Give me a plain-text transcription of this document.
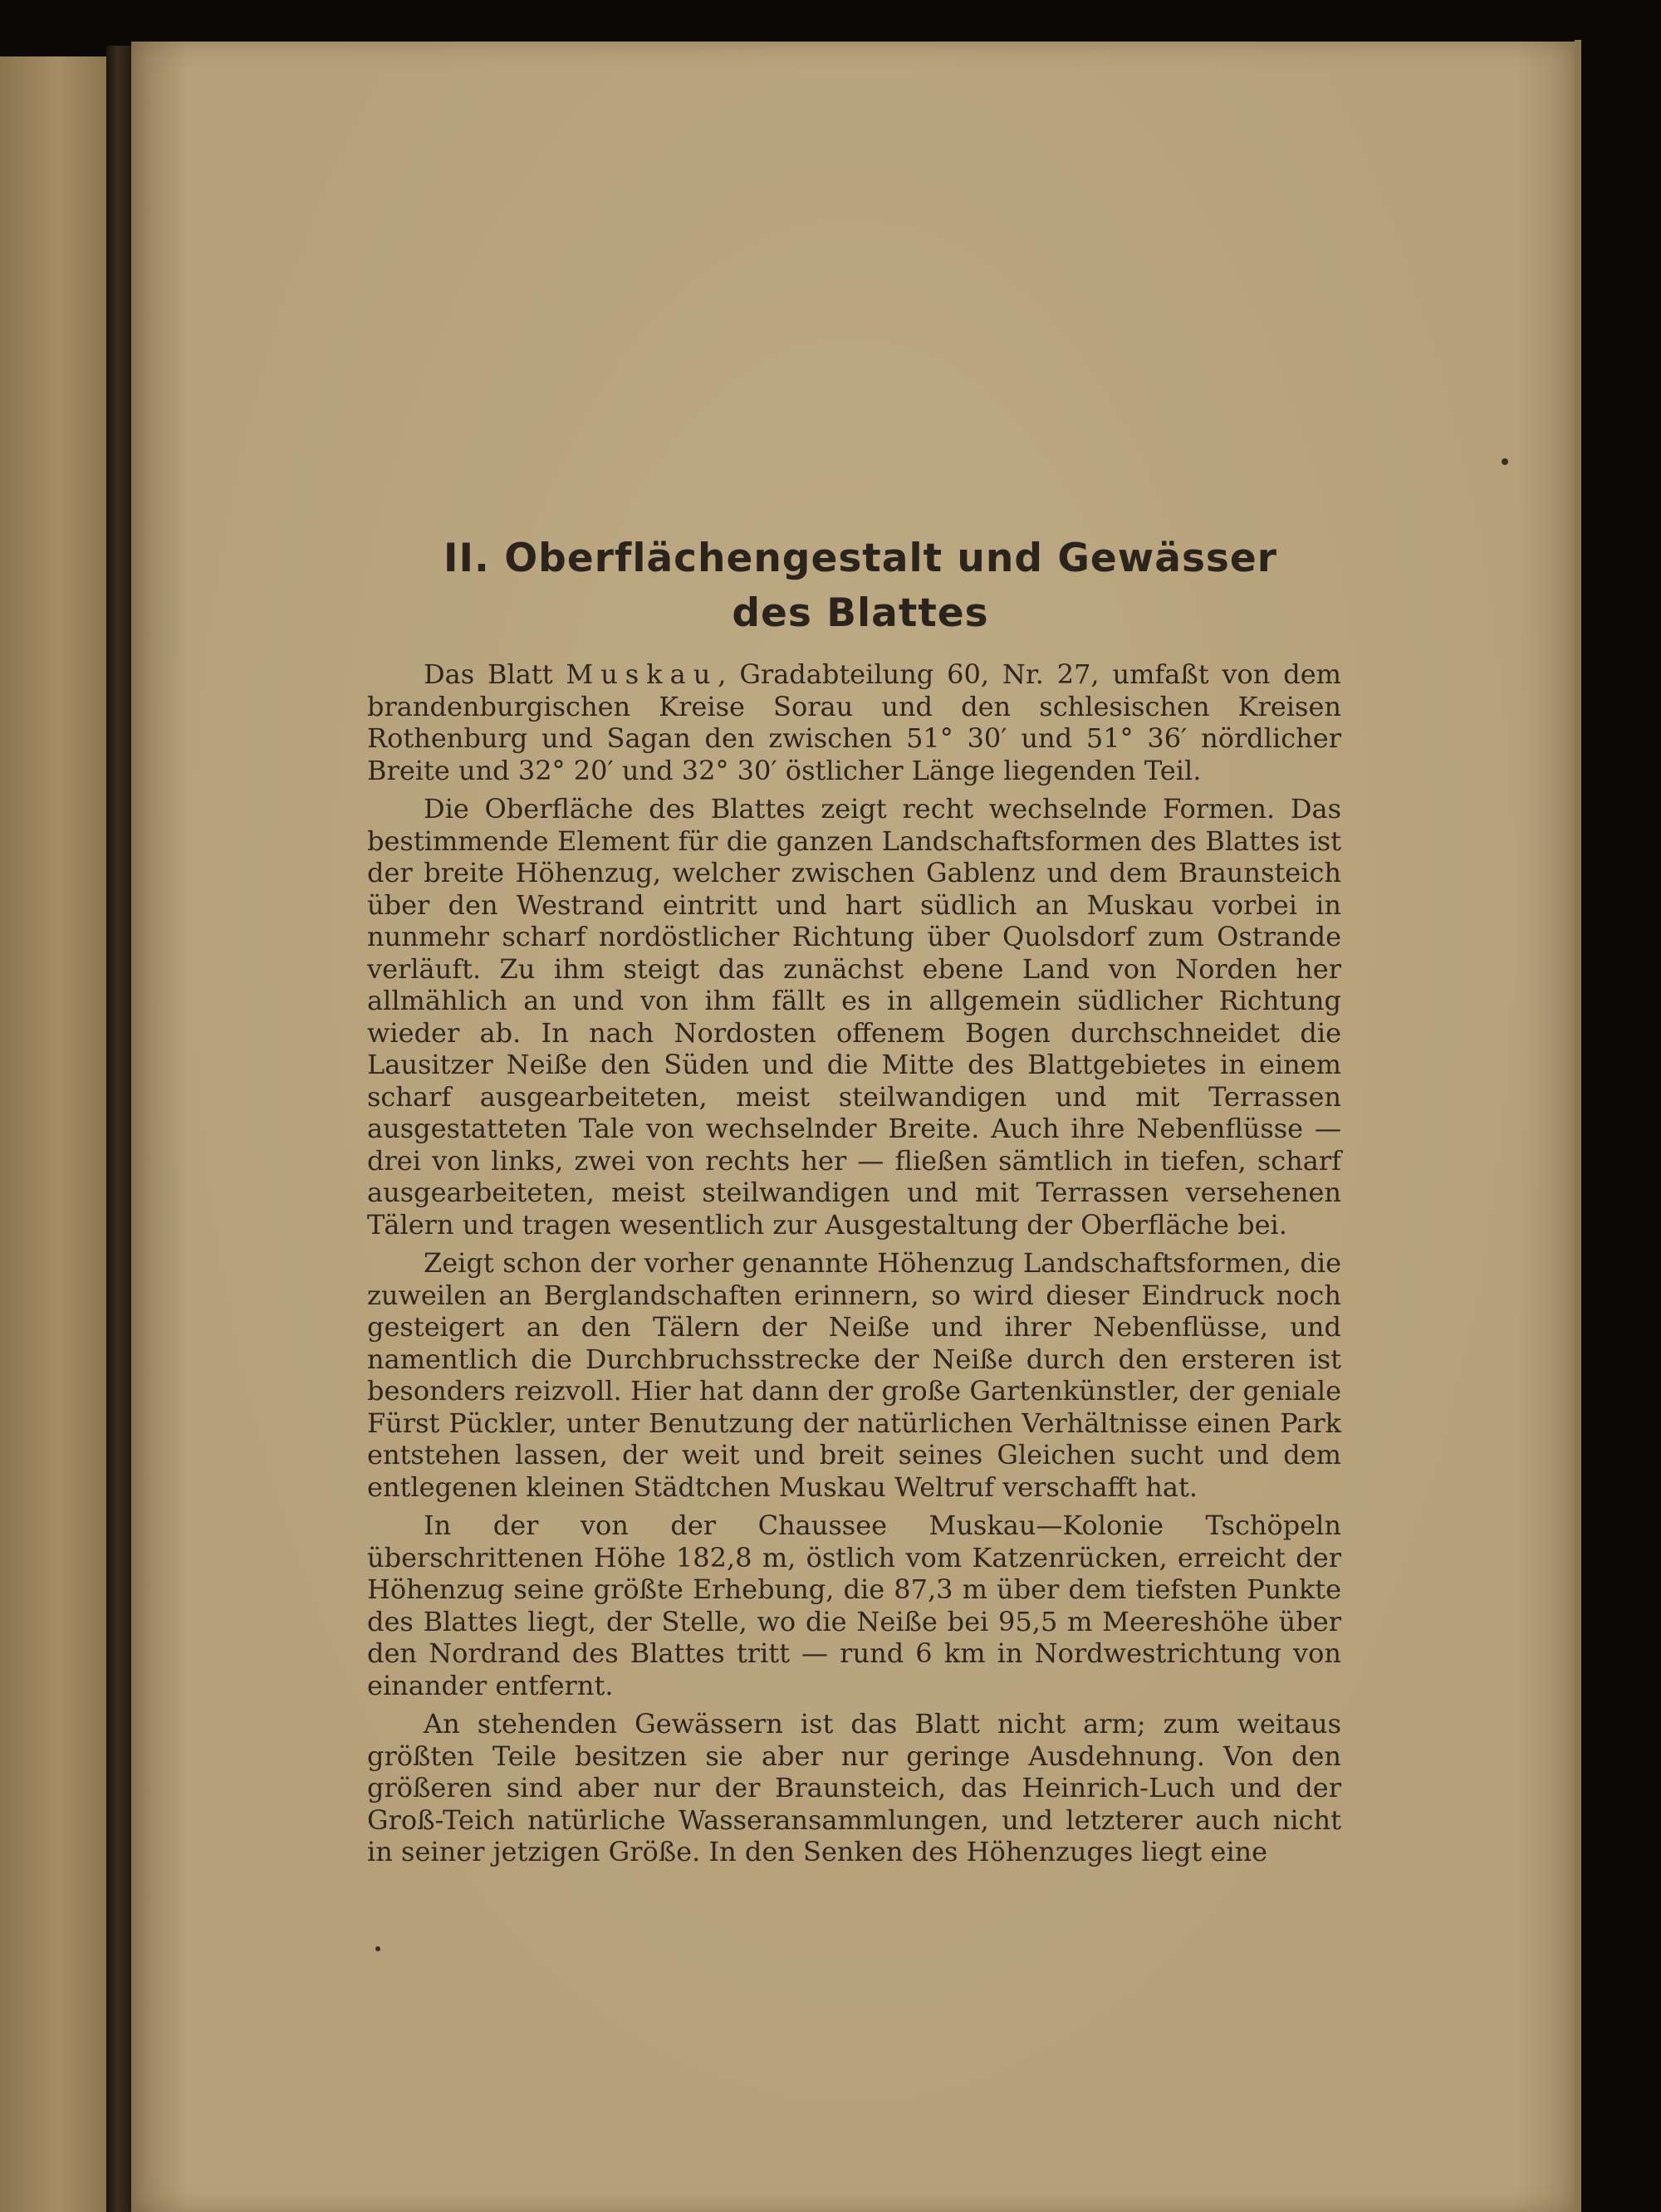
II. Oberflächengestalt und Gewässer
des Blattes

Das Blatt Muskau, Gradabteilung 60, Nr. 27, umfaßt von dem brandenburgischen Kreise Sorau und den schlesischen Kreisen Rothenburg und Sagan den zwischen 51° 30′ und 51° 36′ nördlicher Breite und 32° 20′ und 32° 30′ östlicher Länge liegenden Teil.

Die Oberfläche des Blattes zeigt recht wechselnde Formen. Das bestimmende Element für die ganzen Landschaftsformen des Blattes ist der breite Höhenzug, welcher zwischen Gablenz und dem Braunsteich über den Westrand eintritt und hart südlich an Muskau vorbei in nunmehr scharf nordöstlicher Richtung über Quolsdorf zum Ostrande verläuft. Zu ihm steigt das zunächst ebene Land von Norden her allmählich an und von ihm fällt es in allgemein südlicher Richtung wieder ab. In nach Nordosten offenem Bogen durchschneidet die Lausitzer Neiße den Süden und die Mitte des Blattgebietes in einem scharf ausgearbeiteten, meist steilwandigen und mit Terrassen ausgestatteten Tale von wechselnder Breite. Auch ihre Nebenflüsse — drei von links, zwei von rechts her — fließen sämtlich in tiefen, scharf ausgearbeiteten, meist steilwandigen und mit Terrassen versehenen Tälern und tragen wesentlich zur Ausgestaltung der Oberfläche bei.

Zeigt schon der vorher genannte Höhenzug Landschaftsformen, die zuweilen an Berglandschaften erinnern, so wird dieser Eindruck noch gesteigert an den Tälern der Neiße und ihrer Nebenflüsse, und namentlich die Durchbruchsstrecke der Neiße durch den ersteren ist besonders reizvoll. Hier hat dann der große Gartenkünstler, der geniale Fürst Pückler, unter Benutzung der natürlichen Verhältnisse einen Park entstehen lassen, der weit und breit seines Gleichen sucht und dem entlegenen kleinen Städtchen Muskau Weltruf verschafft hat.

In der von der Chaussee Muskau—Kolonie Tschöpeln überschrittenen Höhe 182,8 m, östlich vom Katzenrücken, erreicht der Höhenzug seine größte Erhebung, die 87,3 m über dem tiefsten Punkte des Blattes liegt, der Stelle, wo die Neiße bei 95,5 m Meereshöhe über den Nordrand des Blattes tritt — rund 6 km in Nordwestrichtung von einander entfernt.

An stehenden Gewässern ist das Blatt nicht arm; zum weitaus größten Teile besitzen sie aber nur geringe Ausdehnung. Von den größeren sind aber nur der Braunsteich, das Heinrich-Luch und der Groß-Teich natürliche Wasseransammlungen, und letzterer auch nicht in seiner jetzigen Größe. In den Senken des Höhenzuges liegt eine
